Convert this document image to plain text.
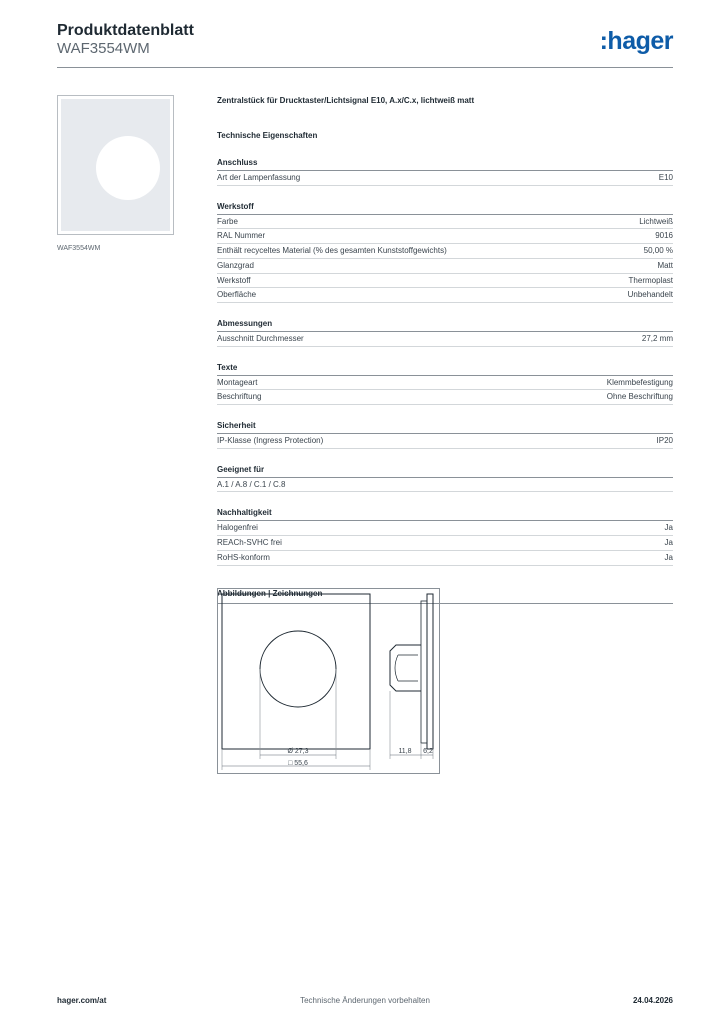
Produktdatenblatt
WAF3554WM	:hager
WAF3554WM
Zentralstück für Drucktaster/Lichtsignal E10, A.x/C.x, lichtweiß matt
Technische Eigenschaften
Anschluss
Art der Lampenfassung	E10
Werkstoff
Farbe	Lichtweiß
RAL Nummer	9016
Enthält recyceltes Material (% des gesamten Kunststoffgewichts)	50,00 %
Glanzgrad	Matt
Werkstoff	Thermoplast
Oberfläche	Unbehandelt
Abmessungen
Ausschnitt Durchmesser	27,2 mm
Texte
Montageart	Klemmbefestigung
Beschriftung	Ohne Beschriftung
Sicherheit
IP-Klasse (Ingress Protection)	IP20
Geeignet für
A.1 / A.8 / C.1 / C.8
Nachhaltigkeit
Halogenfrei	Ja
REACh-SVHC frei	Ja
RoHS-konform	Ja
Abbildungen | Zeichnungen
Ø 27,3
□ 55,6
11,8 6,2
hager.com/at	Technische Änderungen vorbehalten	24.04.2026
